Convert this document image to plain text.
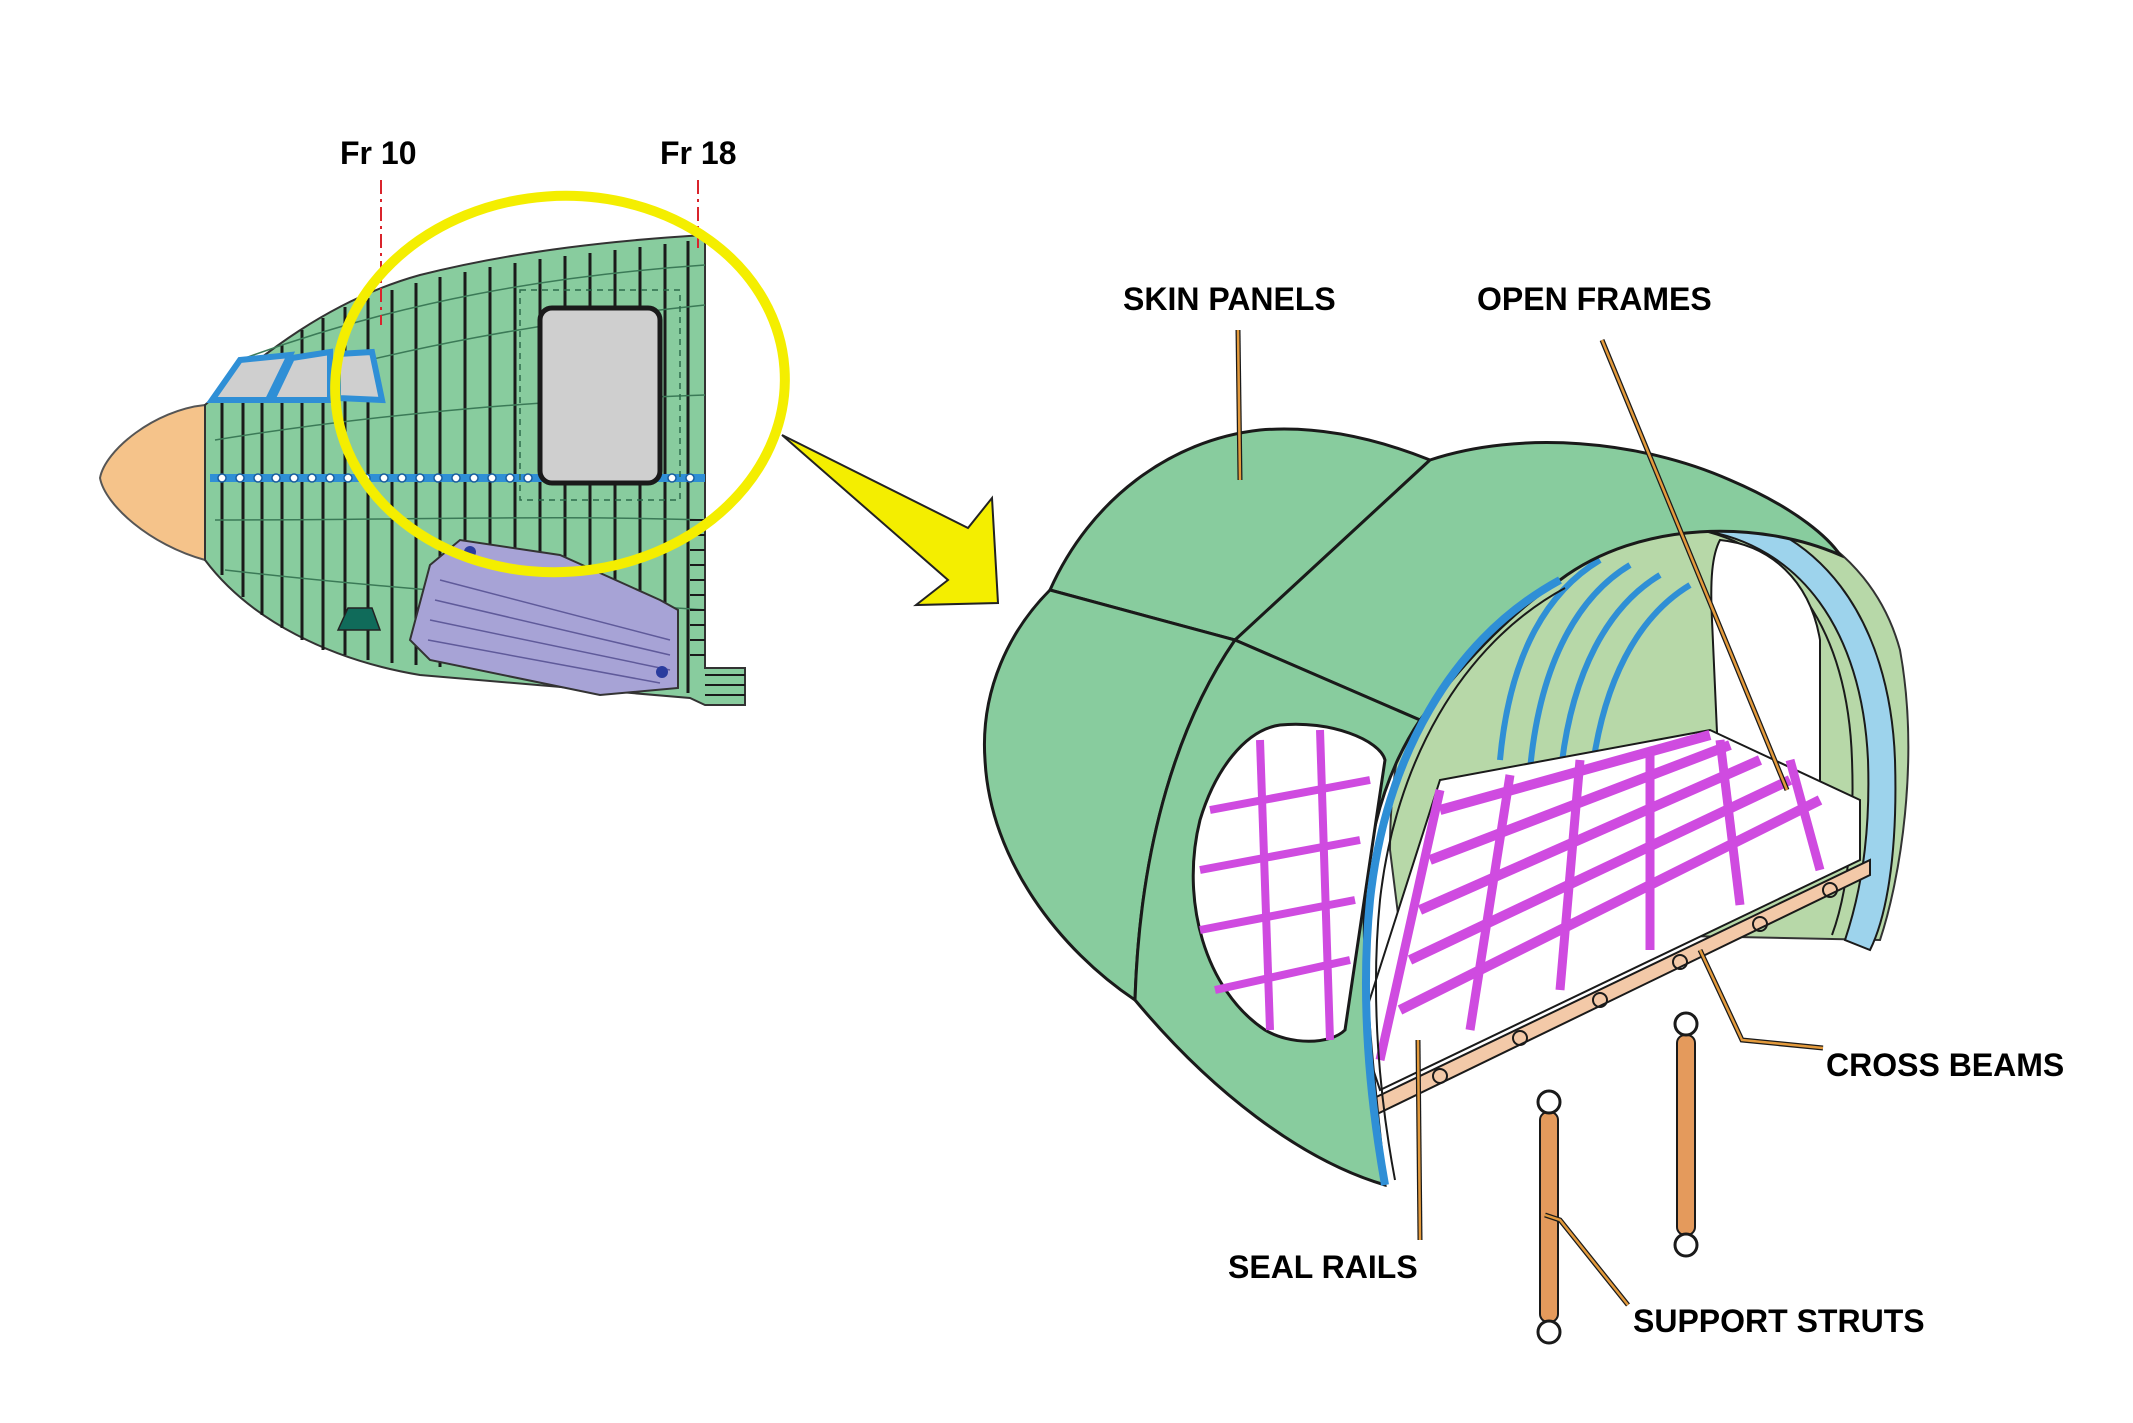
Fr 10	Fr 18
SKIN PANELS	OPEN FRAMES
CROSS BEAMS
SEAL RAILS
SUPPORT STRUTS
